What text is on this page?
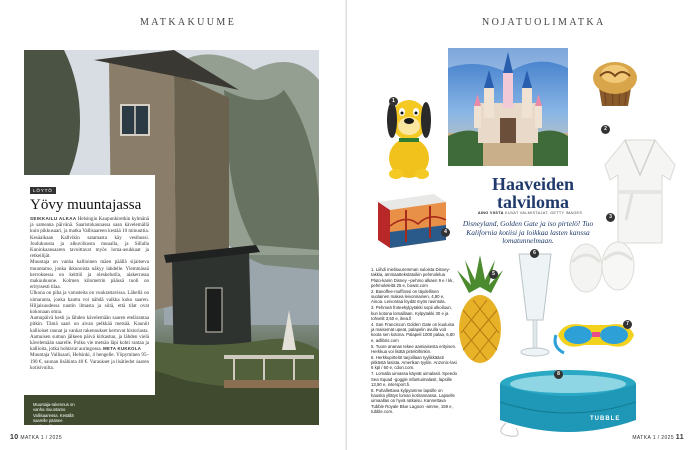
MATKAKUUME
Muuntaja-rakennus on vanha muuntamo Vallisaaressa. Kesällä saarelle pääsee vesibussilla.
LÖYTÖ
Yövy muuntajassa

SEIKKAILU ALKAA Helsingin Kaupunkiretkin kylmänä ja sameana päivänä. Saaristokaunassa saan kävelemällä kuin pikkusaari, ja matka Vallisaareen kestää 10 minuuttia. Kesäaikaan Kallvikin satamasta käy vesibussi. Joulukuusta ja alkuviikosta muualla, ja Sillalla Kuninkaansaaren tavoittavat myös loma-asukkaat ja retkeilijät.

Muuntaja on vanha kallioinen mäen päällä sijaitseva muuntamo, jonka ikkunoista näkyy lahdelle. Ylemmässä kerroksessa on keittiö ja oleskelutila, alakerrassa makuuhuone. Kolmen kilometrin päässä tuoli on erityisesti tilaa.

Ulkona on piha ja varusteita on vuokrattavissa. Lähellä on uimaranta, jonka kautta voi nähdä vaikka koko saaren. Hiljaisuudessa nautin ilmasta ja siitä, että tilat ovat kokonaan omia.

Aamupäivä kesti ja lähden kävelemään saaren etelärantaa pitkin. Tämä saari on aivan pelkkää metsää. Kauniit kallioiset rannat ja vanhat rakennukset kertovat historiasta.

Aamuisen sumun jälkeen päivä kirkastuu, ja lähden vielä kävelemään saarelle. Polku vie metsän läpi kohti rantaa ja kallioita, jotka hohtavat auringossa. META KUKKOLA

Muuntaja Vallisaari, Helsinki, 4 hengelle. Yöpyminen 95–190 €, saunan lisähinta 40 €. Varaukset ja lisätiedot saaren kotisivuilta.

10 MATKA 1 / 2025
NOJATUOLIMATKA
MATKA 1 / 2025 11
2
1
3
4
Haaveiden talviloma
AINO VIISTA KUVAT VALMISTAJAT, GETTY IMAGES
Disneyland, Golden Gate ja iso pirtelö! Tuo Kalifornia kotiisi ja loikkaa lasten kanssa lomatunnelmaan.
5
6
7
TUBBLE
8

1. Liihdi mielisuuremman suloista Disney-takkia, ammaattekstatoikin pehmolelua Pluto-kanin Disney –pehmo alkaen 9 e / kk, pehmoleleitä 25 e, bowst.com

2. Banoffee-muffinssi on täydellinen suolainen makea leivonnainen, 4,90 e, Ainoa. Leivontaa löydät myös ravintola.

3. Pehmeä froteekylpytakki sopii ulkoiluun, kun kotona lomaillaan. Kylpytakki 30 e ja tohvelit 3,50 e, ikea.fi

4. San Franciscon Golden Gate on kuuluisa ja maisemat upeat, palapelin avulla voit koota sen kotona. Palapeli 1000 palaa, 6,80 e, adlibris.com

5. Tuore ananas tekee aamiaisesta erityisen. Herkkua voi lisätä pirtelöihinkin.

6. Herkkupirtelöt tarjoillaan tyylikkäästi pitkästä lasista. Amerikan tyyliin. Anzonic-lasi 6 kpl / 60 e, cdon.com.

7. Lomalla uimassa käyvät uimalasit. Speedo Sea Squad -goggle infantuimalasit, lapsille 13,90 e, intersport.fi.

8. Puhallettava kylpyamme lapsille on hauska yllätys loman kotirannassa. Lapselle uimaallas on hyvä ratkaisu. Kannettava Tubble Royale Blue Lagoon -amme, 159 e, tubble.com.
